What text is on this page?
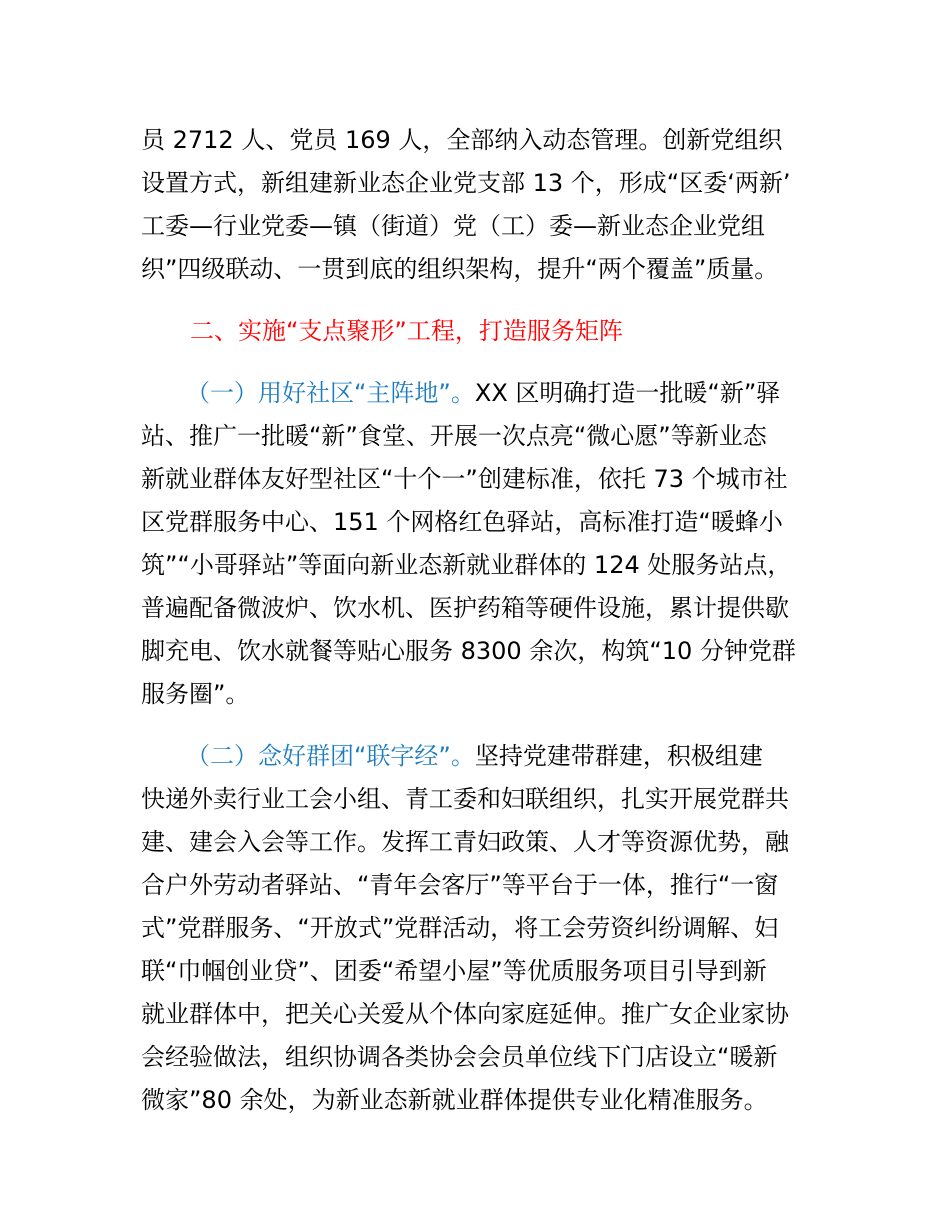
员 2712 人、党员 169 人，全部纳入动态管理。创新党组织
设置方式，新组建新业态企业党支部 13 个，形成“区委‘两新’
工委—行业党委—镇（街道）党（工）委—新业态企业党组
织”四级联动、一贯到底的组织架构，提升“两个覆盖”质量。
二、实施“支点聚形”工程，打造服务矩阵
（一）用好社区“主阵地”。XX 区明确打造一批暖“新”驿
站、推广一批暖“新”食堂、开展一次点亮“微心愿”等新业态
新就业群体友好型社区“十个一”创建标准，依托 73 个城市社
区党群服务中心、151 个网格红色驿站，高标准打造“暖蜂小
筑”“小哥驿站”等面向新业态新就业群体的 124 处服务站点，
普遍配备微波炉、饮水机、医护药箱等硬件设施，累计提供歇
脚充电、饮水就餐等贴心服务 8300 余次，构筑“10 分钟党群
服务圈”。
（二）念好群团“联字经”。坚持党建带群建，积极组建
快递外卖行业工会小组、青工委和妇联组织，扎实开展党群共
建、建会入会等工作。发挥工青妇政策、人才等资源优势，融
合户外劳动者驿站、“青年会客厅”等平台于一体，推行“一窗
式”党群服务、“开放式”党群活动，将工会劳资纠纷调解、妇
联“巾帼创业贷”、团委“希望小屋”等优质服务项目引导到新
就业群体中，把关心关爱从个体向家庭延伸。推广女企业家协
会经验做法，组织协调各类协会会员单位线下门店设立“暖新
微家”80 余处，为新业态新就业群体提供专业化精准服务。
